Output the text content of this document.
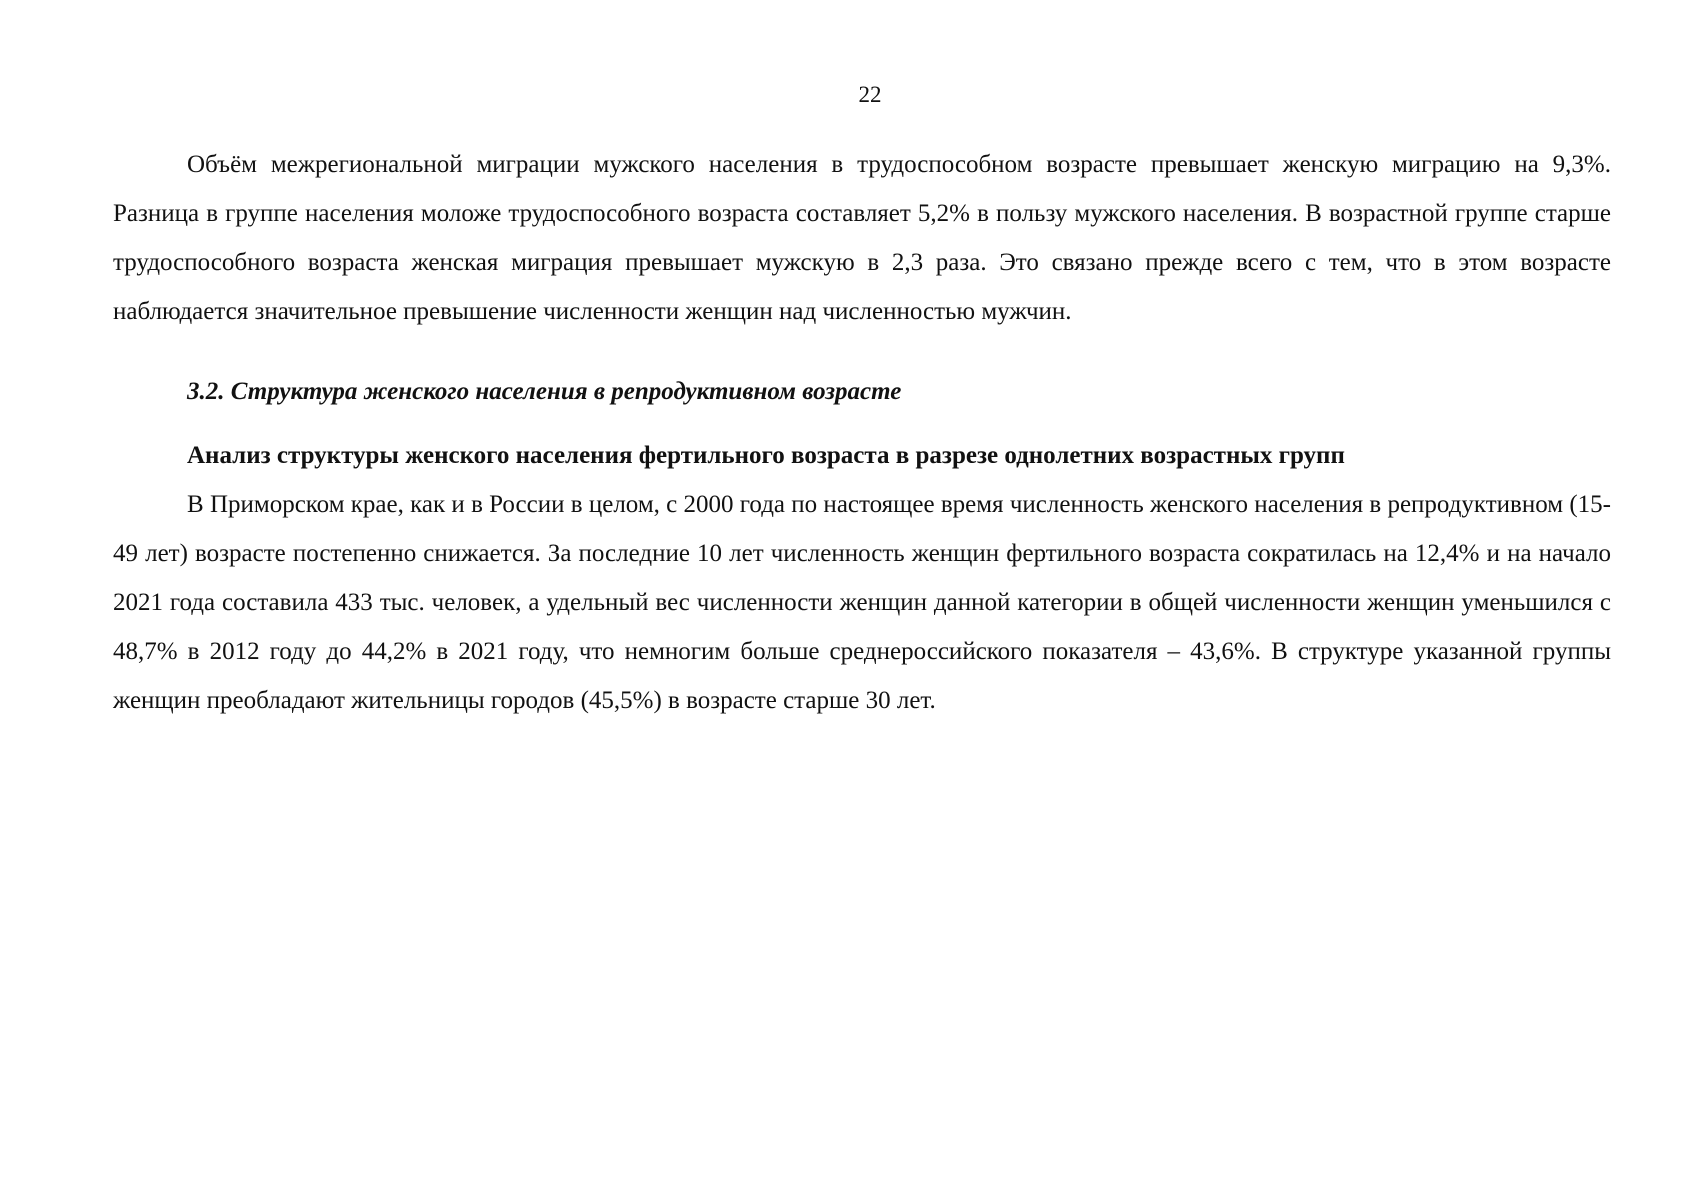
22

Объём межрегиональной миграции мужского населения в трудоспособном возрасте превышает женскую миграцию на 9,3%. Разница в группе населения моложе трудоспособного возраста составляет 5,2% в пользу мужского населения. В возрастной группе старше трудоспособного возраста женская миграция превышает мужскую в 2,3 раза. Это связано прежде всего с тем, что в этом возрасте наблюдается значительное превышение численности женщин над численностью мужчин.

3.2. Структура женского населения в репродуктивном возрасте
Анализ структуры женского населения фертильного возраста в разрезе однолетних возрастных групп

В Приморском крае, как и в России в целом, с 2000 года по настоящее время численность женского населения в репродуктивном (15-49 лет) возрасте постепенно снижается. За последние 10 лет численность женщин фертильного возраста сократилась на 12,4% и на начало 2021 года составила 433 тыс. человек, а удельный вес численности женщин данной категории в общей численности женщин уменьшился с 48,7% в 2012 году до 44,2% в 2021 году, что немногим больше среднероссийского показателя – 43,6%. В структуре указанной группы женщин преобладают жительницы городов (45,5%) в возрасте старше 30 лет.
